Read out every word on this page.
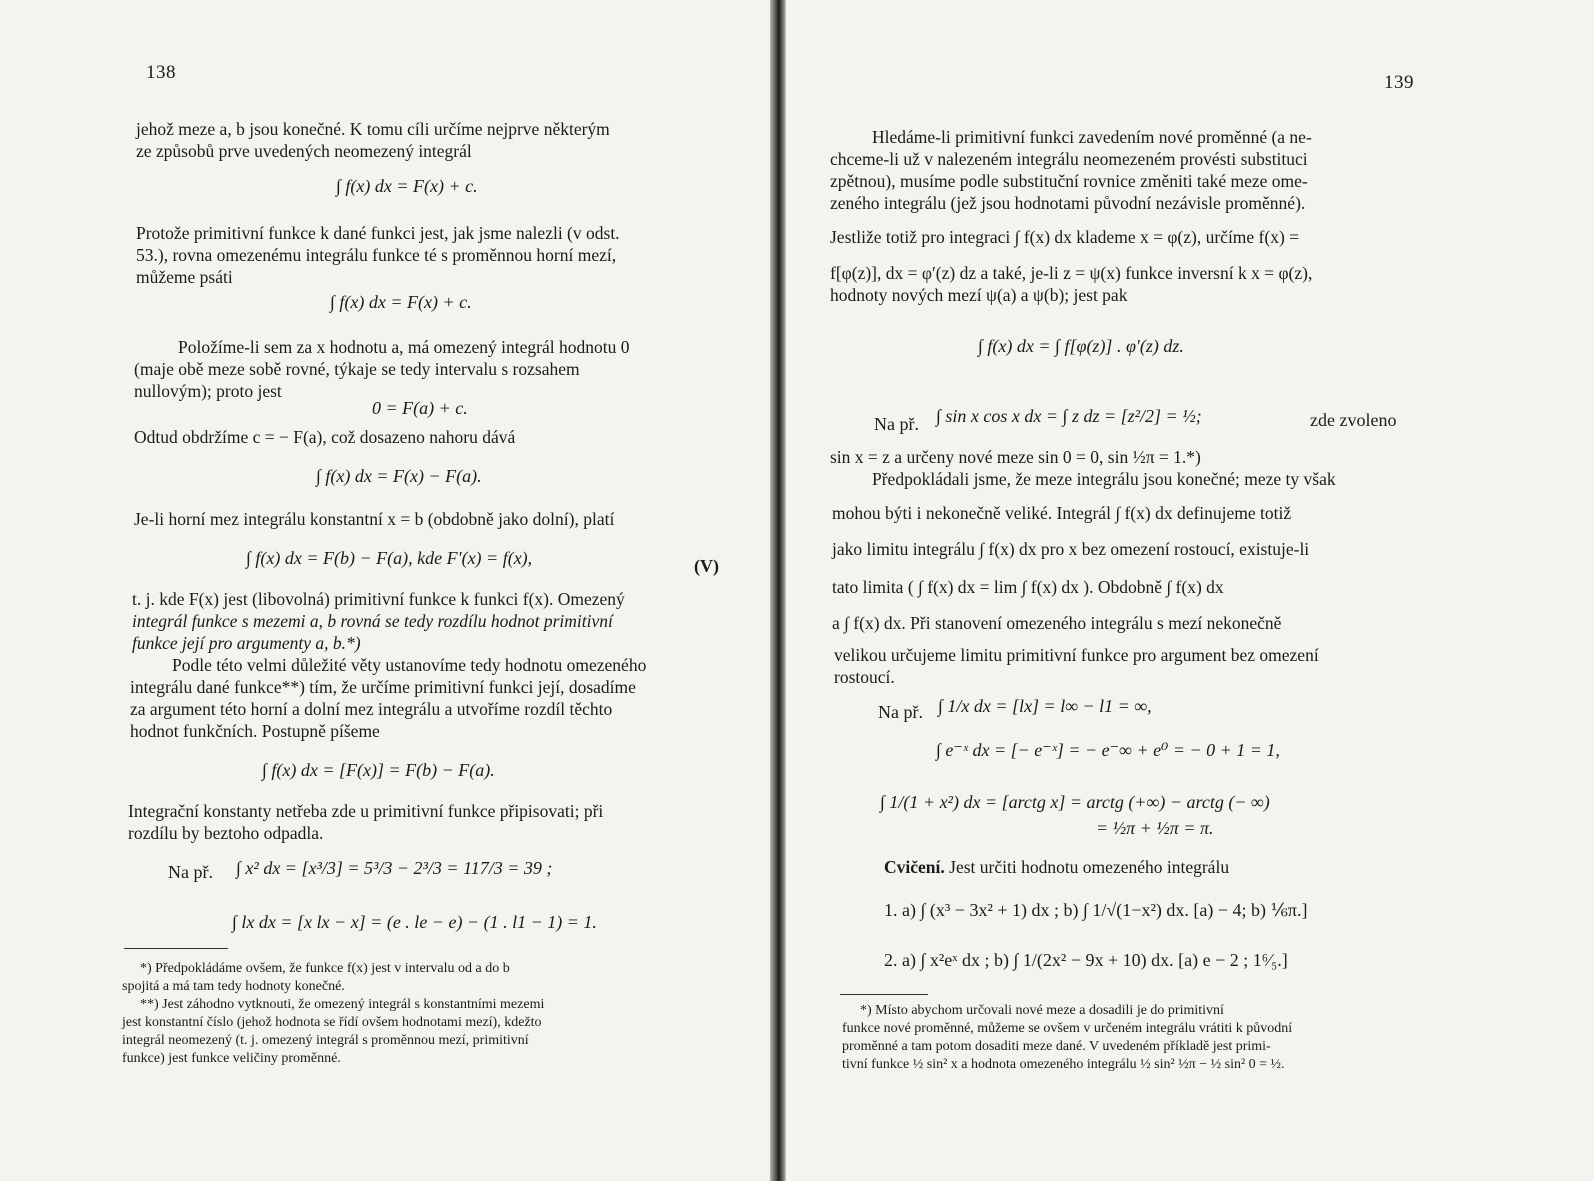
138
jehož meze a, b jsou konečné. K tomu cíli určíme nejprve některým
ze způsobů prve uvedených neomezený integrál
∫ f(x) dx = F(x) + c.
Protože primitivní funkce k dané funkci jest, jak jsme nalezli (v odst.
53.), rovna omezenému integrálu funkce té s proměnnou horní mezí,
můžeme psáti
∫ f(x) dx = F(x) + c.
Položíme-li sem za x hodnotu a, má omezený integrál hodnotu 0
(maje obě meze sobě rovné, týkaje se tedy intervalu s rozsahem
nullovým); proto jest
0 = F(a) + c.
Odtud obdržíme c = − F(a), což dosazeno nahoru dává
∫ f(x) dx = F(x) − F(a).
Je-li horní mez integrálu konstantní x = b (obdobně jako dolní), platí
∫ f(x) dx = F(b) − F(a), kde F′(x) = f(x),	(V)
t. j. kde F(x) jest (libovolná) primitivní funkce k funkci f(x). Omezený
integrál funkce s mezemi a, b rovná se tedy rozdílu hodnot primitivní
funkce její pro argumenty a, b.*)
Podle této velmi důležité věty ustanovíme tedy hodnotu omezeného
integrálu dané funkce**) tím, že určíme primitivní funkci její, dosadíme
za argument této horní a dolní mez integrálu a utvoříme rozdíl těchto
hodnot funkčních. Postupně píšeme
∫ f(x) dx = [F(x)] = F(b) − F(a).
Integrační konstanty netřeba zde u primitivní funkce připisovati; při
rozdílu by beztoho odpadla.
Na př. ∫ x² dx = [x³/3] = 5³/3 − 2³/3 = 117/3 = 39 ;
∫ lx dx = [x lx − x] = (e . le − e) − (1 . l1 − 1) = 1.
*) Předpokládáme ovšem, že funkce f(x) jest v intervalu od a do b
spojitá a má tam tedy hodnoty konečné.
**) Jest záhodno vytknouti, že omezený integrál s konstantními mezemi
jest konstantní číslo (jehož hodnota se řídí ovšem hodnotami mezí), kdežto
integrál neomezený (t. j. omezený integrál s proměnnou mezí, primitivní
funkce) jest funkce veličiny proměnné.
139
Hledáme-li primitivní funkci zavedením nové proměnné (a ne-
chceme-li už v nalezeném integrálu neomezeném provésti substituci
zpětnou), musíme podle substituční rovnice změniti také meze ome-
zeného integrálu (jež jsou hodnotami původní nezávisle proměnné).
Jestliže totiž pro integraci ∫ f(x) dx klademe x = φ(z), určíme f(x) =
f[φ(z)], dx = φ′(z) dz a také, je-li z = ψ(x) funkce inversní k x = φ(z),
hodnoty nových mezí ψ(a) a ψ(b); jest pak
∫ f(x) dx = ∫ f[φ(z)] . φ′(z) dz.
Na př. ∫ sin x cos x dx = ∫ z dz = [z²/2] = ½;	zde zvoleno
sin x = z a určeny nové meze sin 0 = 0, sin ½π = 1.*)
Předpokládali jsme, že meze integrálu jsou konečné; meze ty však
mohou býti i nekonečně veliké. Integrál ∫ f(x) dx definujeme totiž
jako limitu integrálu ∫ f(x) dx pro x bez omezení rostoucí, existuje-li
tato limita ( ∫ f(x) dx = lim ∫ f(x) dx ). Obdobně ∫ f(x) dx
a ∫ f(x) dx. Při stanovení omezeného integrálu s mezí nekonečně
velikou určujeme limitu primitivní funkce pro argument bez omezení
rostoucí.
Na př. ∫ 1/x dx = [lx] = l∞ − l1 = ∞,
∫ e⁻ˣ dx = [− e⁻ˣ] = − e⁻∞ + e⁰ = − 0 + 1 = 1,
∫ 1/(1 + x²) dx = [arctg x] = arctg (+∞) − arctg (− ∞)
= ½π + ½π = π.
Cvičení. Jest určiti hodnotu omezeného integrálu
1. a) ∫ (x³ − 3x² + 1) dx ; b) ∫ 1/√(1−x²) dx. [a) − 4; b) ⅙π.]
2. a) ∫ x²eˣ dx ; b) ∫ 1/(2x² − 9x + 10) dx. [a) e − 2 ; 1⁶⁄₅.]
*) Místo abychom určovali nové meze a dosadili je do primitivní
funkce nové proměnné, můžeme se ovšem v určeném integrálu vrátiti k původní
proměnné a tam potom dosaditi meze dané. V uvedeném příkladě jest primi-
tivní funkce ½ sin² x a hodnota omezeného integrálu ½ sin² ½π − ½ sin² 0 = ½.
